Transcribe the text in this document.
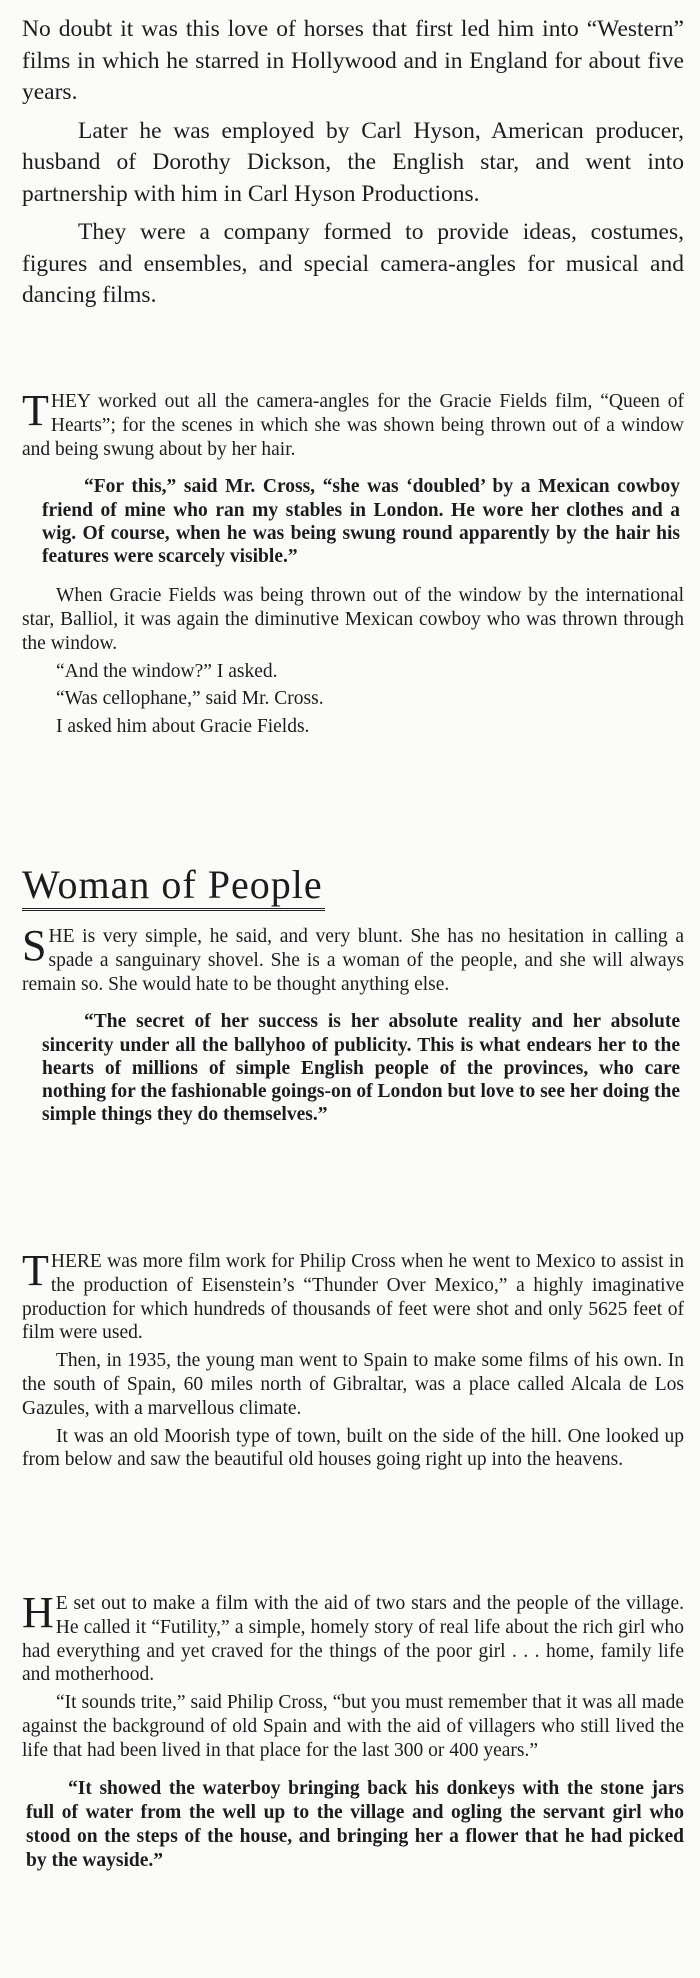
No doubt it was this love of horses that first led him into “Western” films in which he starred in Hollywood and in England for about five years.

Later he was employed by Carl Hyson, American producer, husband of Dorothy Dickson, the English star, and went into partnership with him in Carl Hyson Productions.

They were a company formed to provide ideas, costumes, figures and ensembles, and special camera-angles for musical and dancing films.

THEY worked out all the camera-angles for the Gracie Fields film, “Queen of Hearts”; for the scenes in which she was shown being thrown out of a window and being swung about by her hair.

“For this,” said Mr. Cross, “she was ‘doubled’ by a Mexican cowboy friend of mine who ran my stables in London. He wore her clothes and a wig. Of course, when he was being swung round apparently by the hair his features were scarcely visible.”

When Gracie Fields was being thrown out of the window by the international star, Balliol, it was again the diminutive Mexican cowboy who was thrown through the window.

“And the window?” I asked.

“Was cellophane,” said Mr. Cross.

I asked him about Gracie Fields.

Woman of People

SHE is very simple, he said, and very blunt. She has no hesitation in calling a spade a sanguinary shovel. She is a woman of the people, and she will always remain so. She would hate to be thought anything else.

“The secret of her success is her absolute reality and her absolute sincerity under all the ballyhoo of publicity. This is what endears her to the hearts of millions of simple English people of the provinces, who care nothing for the fashionable goings-on of London but love to see her doing the simple things they do themselves.”

THERE was more film work for Philip Cross when he went to Mexico to assist in the production of Eisenstein’s “Thunder Over Mexico,” a highly imaginative production for which hundreds of thousands of feet were shot and only 5625 feet of film were used.

Then, in 1935, the young man went to Spain to make some films of his own. In the south of Spain, 60 miles north of Gibraltar, was a place called Alcala de Los Gazules, with a marvellous climate.

It was an old Moorish type of town, built on the side of the hill. One looked up from below and saw the beautiful old houses going right up into the heavens.

H E set out to make a film with the aid of two stars and the people of the village. He called it “Futility,” a simple, homely story of real life about the rich girl who had everything and yet craved for the things of the poor girl . . . home, family life and motherhood.

“It sounds trite,” said Philip Cross, “but you must remember that it was all made against the background of old Spain and with the aid of villagers who still lived the life that had been lived in that place for the last 300 or 400 years.”

“It showed the waterboy bringing back his donkeys with the stone jars full of water from the well up to the village and ogling the servant girl who stood on the steps of the house, and bringing her a flower that he had picked by the wayside.”
